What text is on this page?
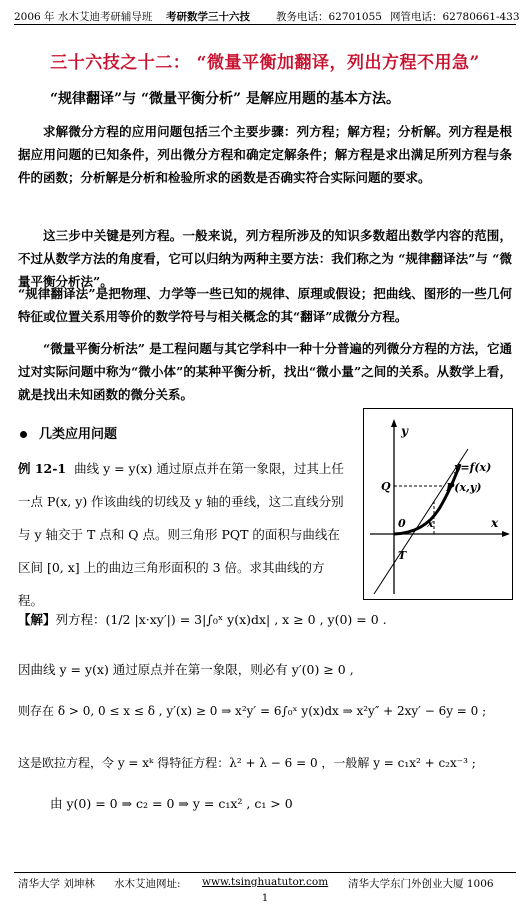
2006 年 水木艾迪考研辅导班 考研数学三十六技 教务电话：62701055 网管电话：62780661-433
三十六技之十二： “微量平衡加翻译，列出方程不用急”
“规律翻译”与 “微量平衡分析” 是解应用题的基本方法。
求解微分方程的应用问题包括三个主要步骤：列方程；解方程；分析解。列方程是根据应用问题的已知条件，列出微分方程和确定定解条件；解方程是求出满足所列方程与条件的函数；分析解是分析和检验所求的函数是否确实符合实际问题的要求。
这三步中关键是列方程。一般来说，列方程所涉及的知识多数超出数学内容的范围，不过从数学方法的角度看，它可以归纳为两种主要方法：我们称之为 “规律翻译法”与 “微量平衡分析法”。
“规律翻译法”是把物理、力学等一些已知的规律、原理或假设；把曲线、图形的一些几何特征或位置关系用等价的数学符号与相关概念的其“翻译”成微分方程。
“微量平衡分析法” 是工程问题与其它学科中一种十分普遍的列微分方程的方法，它通过对实际问题中称为“微小体”的某种平衡分析，找出“微小量”之间的关系。从数学上看，就是找出未知函数的微分关系。
几类应用问题
例 12-1 曲线 y = y(x) 通过原点并在第一象限，过其上任
一点 P(x, y) 作该曲线的切线及 y 轴的垂线，这二直线分别
与 y 轴交于 T 点和 Q 点。则三角形 PQT 的面积与曲线在
区间 [0, x] 上的曲边三角形面积的 3 倍。求其曲线的方程。
y
x
y=f(x)
P(x,y)
Q
0 x
T
【解】列方程：(1/2 |x·xy′|) = 3|∫₀ˣ y(x)dx| , x ≥ 0 , y(0) = 0 .
因曲线 y = y(x) 通过原点并在第一象限，则必有 y′(0) ≥ 0 ,
则存在 δ > 0, 0 ≤ x ≤ δ , y′(x) ≥ 0 ⇒ x²y′ = 6∫₀ˣ y(x)dx ⇒ x²y″ + 2xy′ − 6y = 0 ;
这是欧拉方程，令 y = xᵏ 得特征方程：λ² + λ − 6 = 0 ，一般解 y = c₁x² + c₂x⁻³ ;
由 y(0) = 0 ⇒ c₂ = 0 ⇒ y = c₁x² , c₁ > 0
清华大学 刘坤林 水木艾迪网址: www.tsinghuatutor.com 清华大学东门外创业大厦 1006
1
